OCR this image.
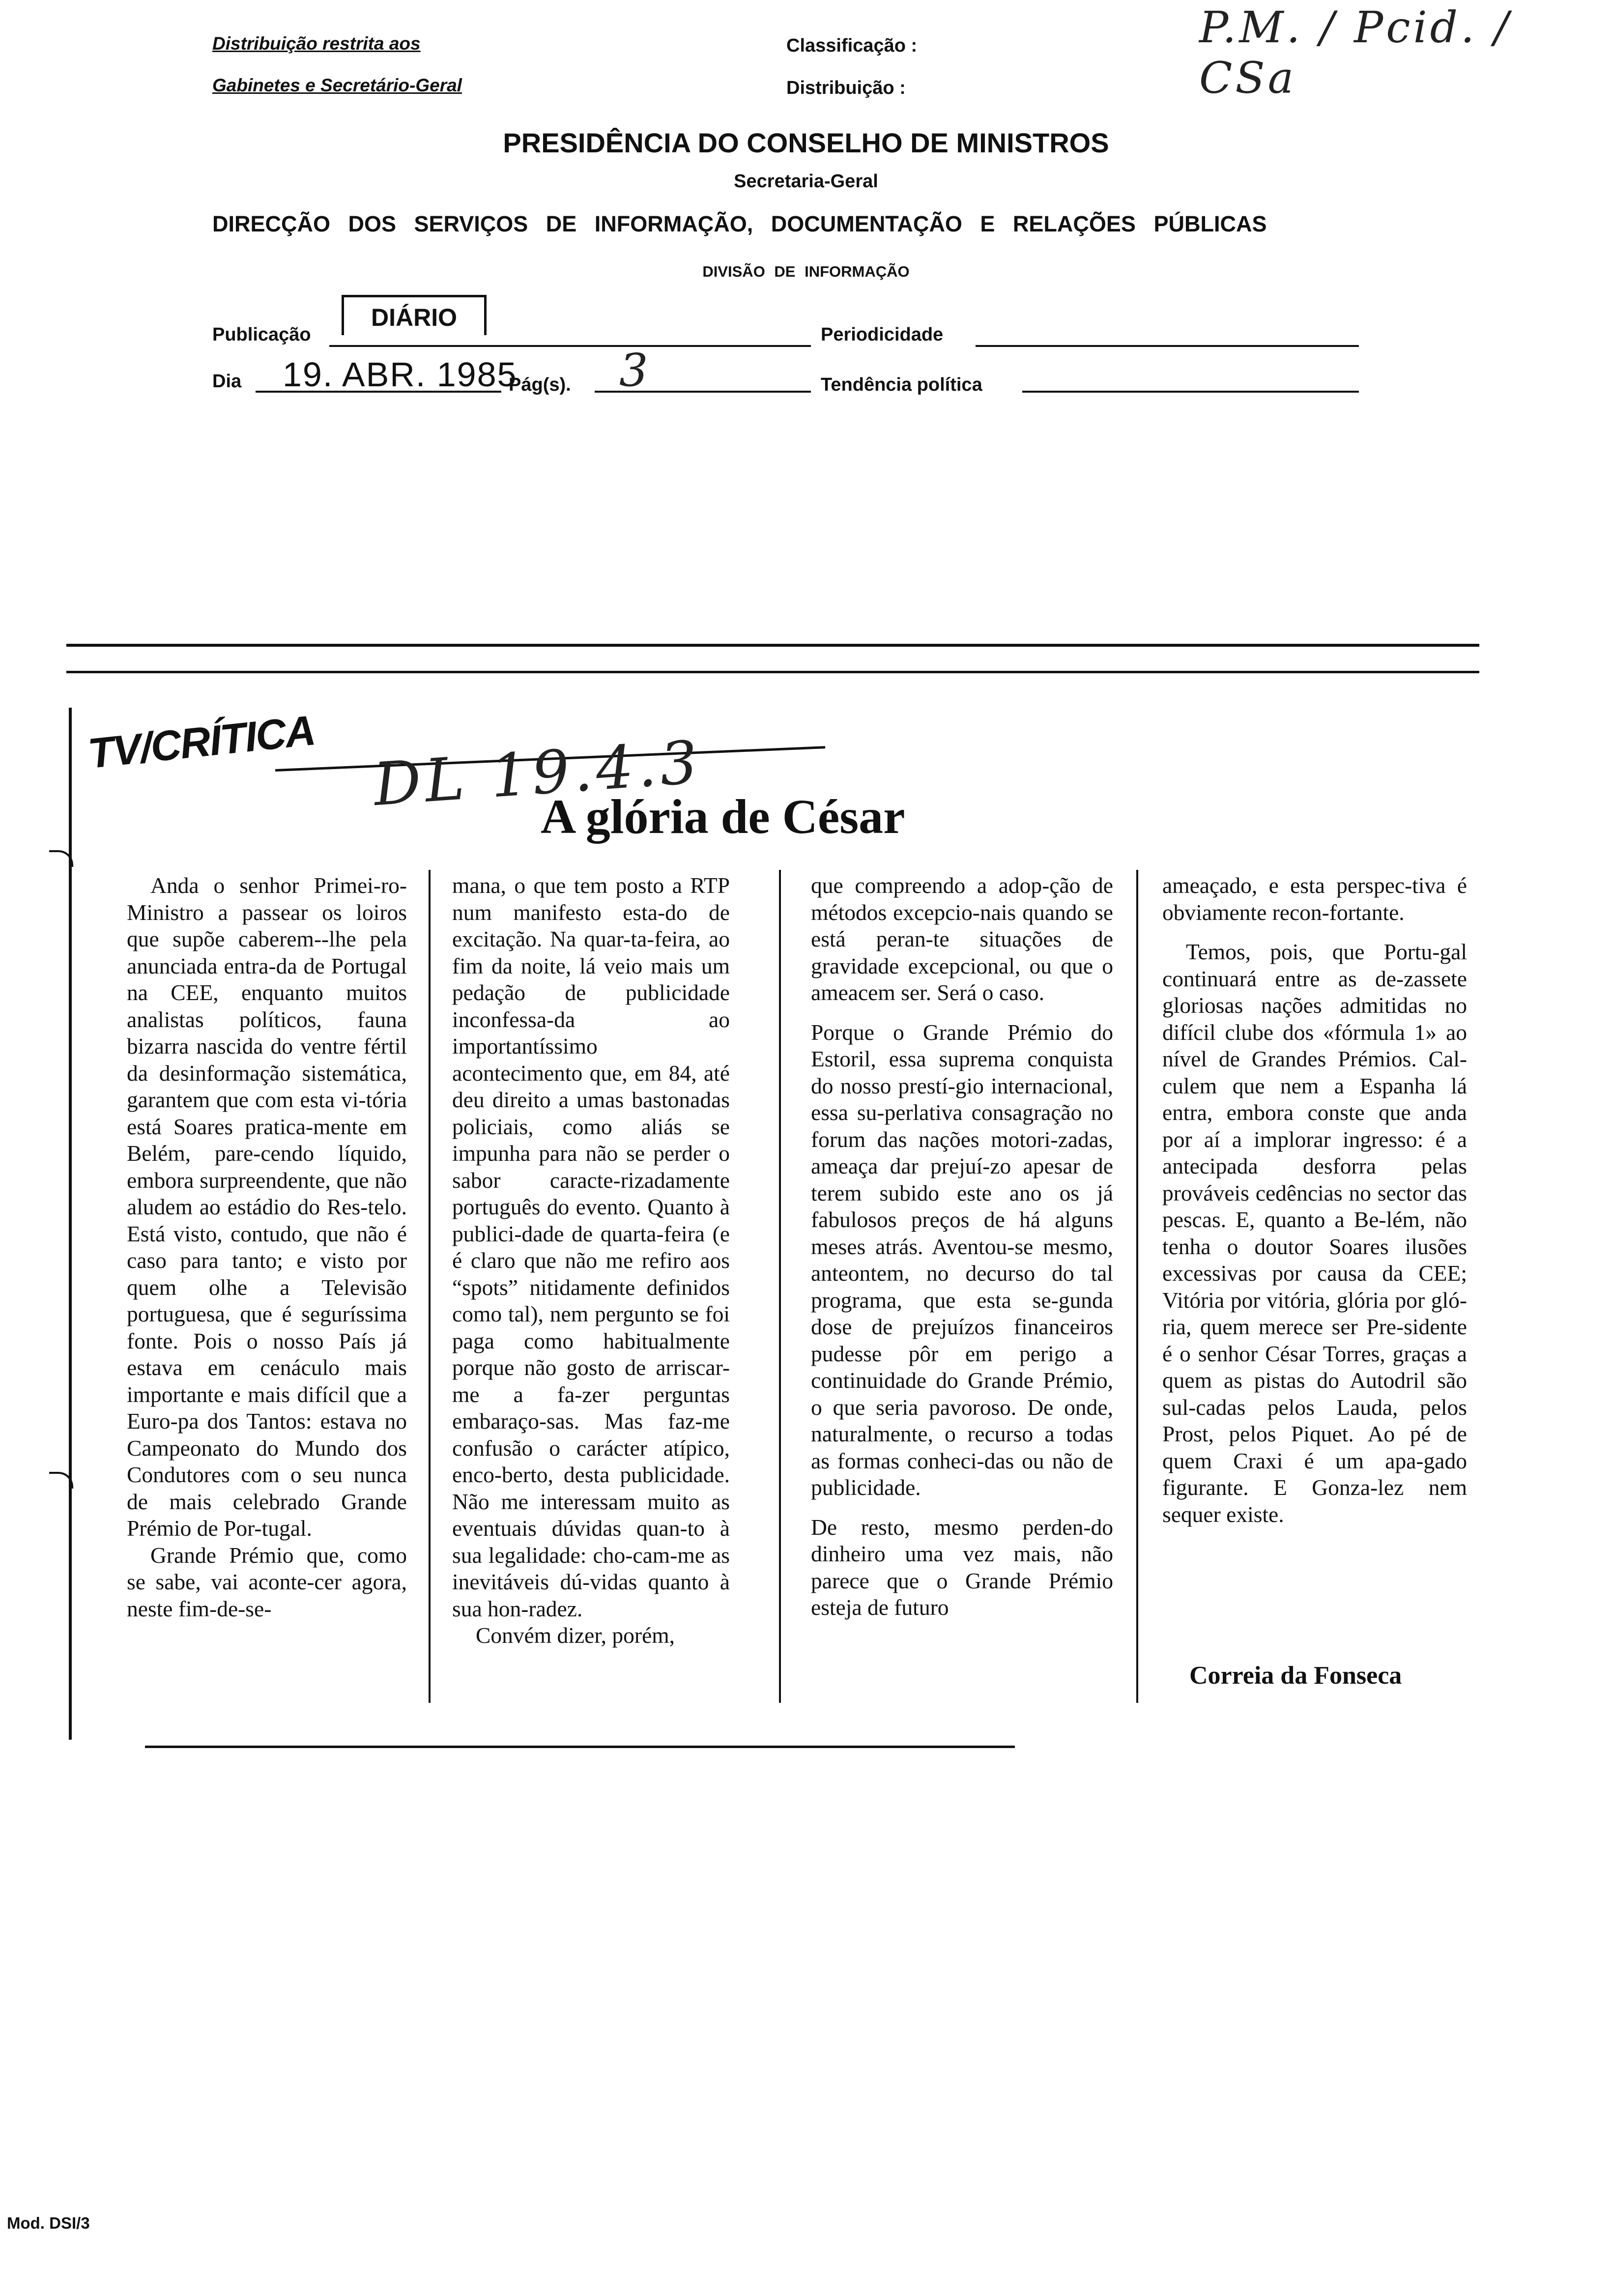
Distribuição restrita aos
Gabinetes e Secretário-Geral
Classificação :
Distribuição :
P.M. / Pcid. / CSa
PRESIDÊNCIA DO CONSELHO DE MINISTROS
Secretaria-Geral
DIRECÇÃO DOS SERVIÇOS DE INFORMAÇÃO, DOCUMENTAÇÃO E RELAÇÕES PÚBLICAS
DIVISÃO DE INFORMAÇÃO
Publicação
DIÁRIO
Periodicidade
Dia 19. ABR. 1985
Pág(s). 3	Tendência política
TV/CRÍTICA DL 19.4.3
A glória de César

Anda o senhor Primei-ro-Ministro a passear os loiros que supõe caberem--lhe pela anunciada entra-da de Portugal na CEE, enquanto muitos analistas políticos, fauna bizarra nascida do ventre fértil da desinformação sistemática, garantem que com esta vi-tória está Soares pratica-mente em Belém, pare-cendo líquido, embora surpreendente, que não aludem ao estádio do Res-telo. Está visto, contudo, que não é caso para tanto; e visto por quem olhe a Televisão portuguesa, que é seguríssima fonte. Pois o nosso País já estava em cenáculo mais importante e mais difícil que a Euro-pa dos Tantos: estava no Campeonato do Mundo dos Condutores com o seu nunca de mais celebrado Grande Prémio de Por-tugal.

Grande Prémio que, como se sabe, vai aconte-cer agora, neste fim-de-se-

mana, o que tem posto a RTP num manifesto esta-do de excitação. Na quar-ta-feira, ao fim da noite, lá veio mais um pedação de publicidade inconfessa-da ao importantíssimo acontecimento que, em 84, até deu direito a umas bastonadas policiais, como aliás se impunha para não se perder o sabor caracte-rizadamente português do evento. Quanto à publici-dade de quarta-feira (e é claro que não me refiro aos “spots” nitidamente definidos como tal), nem pergunto se foi paga como habitualmente porque não gosto de arriscar-me a fa-zer perguntas embaraço-sas. Mas faz-me confusão o carácter atípico, enco-berto, desta publicidade. Não me interessam muito as eventuais dúvidas quan-to à sua legalidade: cho-cam-me as inevitáveis dú-vidas quanto à sua hon-radez.

Convém dizer, porém,

que compreendo a adop-ção de métodos excepcio-nais quando se está peran-te situações de gravidade excepcional, ou que o ameacem ser. Será o caso.

Porque o Grande Prémio do Estoril, essa suprema conquista do nosso prestí-gio internacional, essa su-perlativa consagração no forum das nações motori-zadas, ameaça dar prejuí-zo apesar de terem subido este ano os já fabulosos preços de há alguns meses atrás. Aventou-se mesmo, anteontem, no decurso do tal programa, que esta se-gunda dose de prejuízos financeiros pudesse pôr em perigo a continuidade do Grande Prémio, o que seria pavoroso. De onde, naturalmente, o recurso a todas as formas conheci-das ou não de publicidade.

De resto, mesmo perden-do dinheiro uma vez mais, não parece que o Grande Prémio esteja de futuro

ameaçado, e esta perspec-tiva é obviamente recon-fortante.

Temos, pois, que Portu-gal continuará entre as de-zassete gloriosas nações admitidas no difícil clube dos «fórmula 1» ao nível de Grandes Prémios. Cal-culem que nem a Espanha lá entra, embora conste que anda por aí a implorar ingresso: é a antecipada desforra pelas prováveis cedências no sector das pescas. E, quanto a Be-lém, não tenha o doutor Soares ilusões excessivas por causa da CEE; Vitória por vitória, glória por gló-ria, quem merece ser Pre-sidente é o senhor César Torres, graças a quem as pistas do Autodril são sul-cadas pelos Lauda, pelos Prost, pelos Piquet. Ao pé de quem Craxi é um apa-gado figurante. E Gonza-lez nem sequer existe.

Correia da Fonseca
Mod. DSI/3
